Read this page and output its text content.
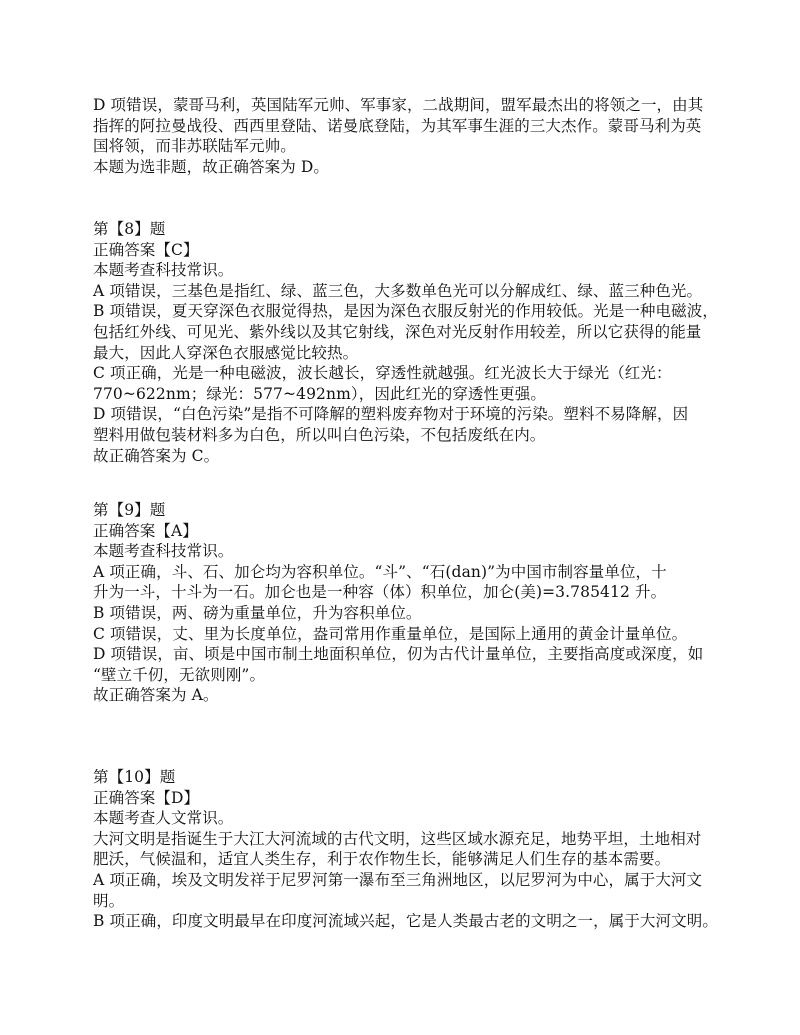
D 项错误，蒙哥马利，英国陆军元帅、军事家，二战期间，盟军最杰出的将领之一，由其
指挥的阿拉曼战役、西西里登陆、诺曼底登陆，为其军事生涯的三大杰作。蒙哥马利为英
国将领，而非苏联陆军元帅。
本题为选非题，故正确答案为 D。
第【8】题
正确答案【C】
本题考查科技常识。
A 项错误，三基色是指红、绿、蓝三色，大多数单色光可以分解成红、绿、蓝三种色光。
B 项错误，夏天穿深色衣服觉得热，是因为深色衣服反射光的作用较低。光是一种电磁波，
包括红外线、可见光、紫外线以及其它射线，深色对光反射作用较差，所以它获得的能量
最大，因此人穿深色衣服感觉比较热。
C 项正确，光是一种电磁波，波长越长，穿透性就越强。红光波长大于绿光（红光：
770~622nm；绿光：577~492nm），因此红光的穿透性更强。
D 项错误，“白色污染”是指不可降解的塑料废弃物对于环境的污染。塑料不易降解，因
塑料用做包装材料多为白色，所以叫白色污染，不包括废纸在内。
故正确答案为 C。
第【9】题
正确答案【A】
本题考查科技常识。
A 项正确，斗、石、加仑均为容积单位。“斗”、“石(dan)”为中国市制容量单位，十
升为一斗，十斗为一石。加仑也是一种容（体）积单位，加仑(美)=3.785412 升。
B 项错误，两、磅为重量单位，升为容积单位。
C 项错误，丈、里为长度单位，盎司常用作重量单位，是国际上通用的黄金计量单位。
D 项错误，亩、顷是中国市制土地面积单位，仞为古代计量单位，主要指高度或深度，如
“壁立千仞，无欲则刚”。
故正确答案为 A。
第【10】题
正确答案【D】
本题考查人文常识。
大河文明是指诞生于大江大河流域的古代文明，这些区域水源充足，地势平坦，土地相对
肥沃，气候温和，适宜人类生存，利于农作物生长，能够满足人们生存的基本需要。
A 项正确，埃及文明发祥于尼罗河第一瀑布至三角洲地区，以尼罗河为中心，属于大河文
明。
B 项正确，印度文明最早在印度河流域兴起，它是人类最古老的文明之一，属于大河文明。
